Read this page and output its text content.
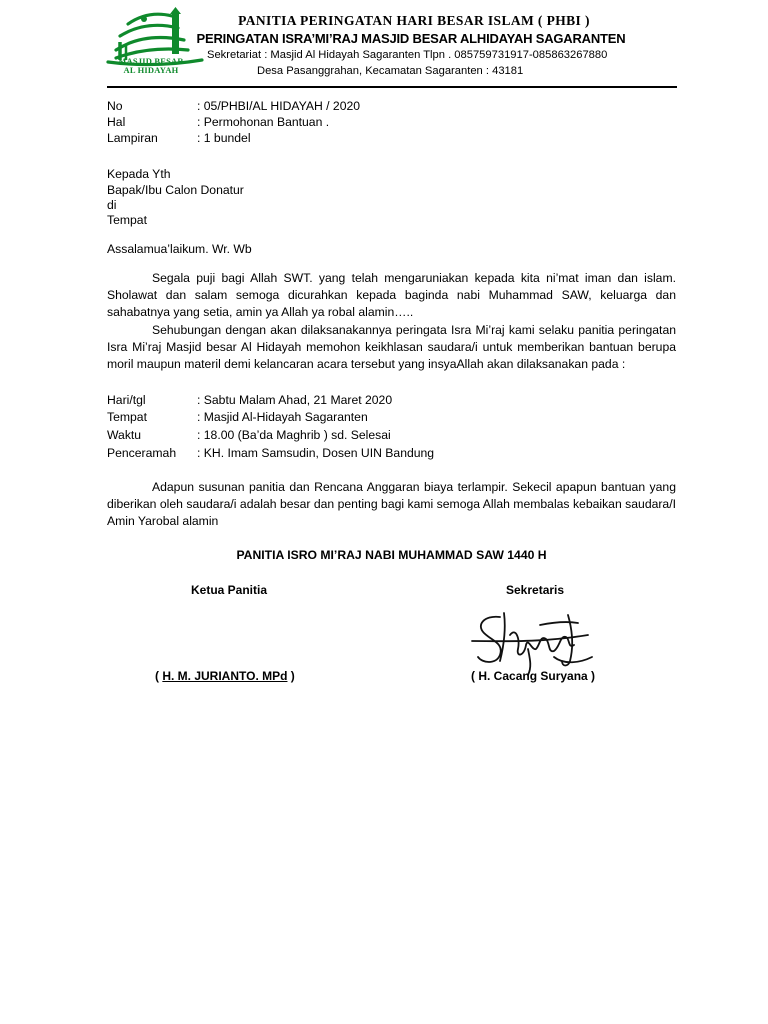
MASJID BESAR
AL HIDAYAH
PANITIA PERINGATAN HARI BESAR ISLAM ( PHBI )
PERINGATAN ISRA’MI’RAJ MASJID BESAR ALHIDAYAH SAGARANTEN
Sekretariat : Masjid Al Hidayah Sagaranten Tlpn . 085759731917-085863267880
Desa Pasanggrahan, Kecamatan Sagaranten : 43181
No	: 05/PHBI/AL HIDAYAH / 2020
Hal	: Permohonan Bantuan .
Lampiran	: 1 bundel
Kepada Yth
Bapak/Ibu Calon Donatur
di
Tempat
Assalamua’laikum. Wr. Wb
Segala puji bagi Allah SWT. yang telah mengaruniakan kepada kita ni’mat iman dan islam. Sholawat dan salam semoga dicurahkan kepada baginda nabi Muhammad SAW, keluarga dan sahabatnya yang setia, amin ya Allah ya robal alamin…..
Sehubungan dengan akan dilaksanakannya peringata Isra Mi’raj kami selaku panitia peringatan Isra Mi’raj Masjid besar Al Hidayah memohon keikhlasan saudara/i untuk memberikan bantuan berupa moril maupun materil demi kelancaran acara tersebut yang insyaAllah akan dilaksanakan pada :
Hari/tgl	: Sabtu Malam Ahad, 21 Maret 2020
Tempat	: Masjid Al-Hidayah Sagaranten
Waktu	: 18.00 (Ba’da Maghrib ) sd. Selesai
Penceramah : KH. Imam Samsudin, Dosen UIN Bandung
Adapun susunan panitia dan Rencana Anggaran biaya terlampir. Sekecil apapun bantuan yang diberikan oleh saudara/i adalah besar dan penting bagi kami semoga Allah membalas kebaikan saudara/I Amin Yarobal alamin
PANITIA ISRO MI’RAJ NABI MUHAMMAD SAW 1440 H
Ketua Panitia	Sekretaris
( H. M. JURIANTO. MPd )	( H. Cacang Suryana )
